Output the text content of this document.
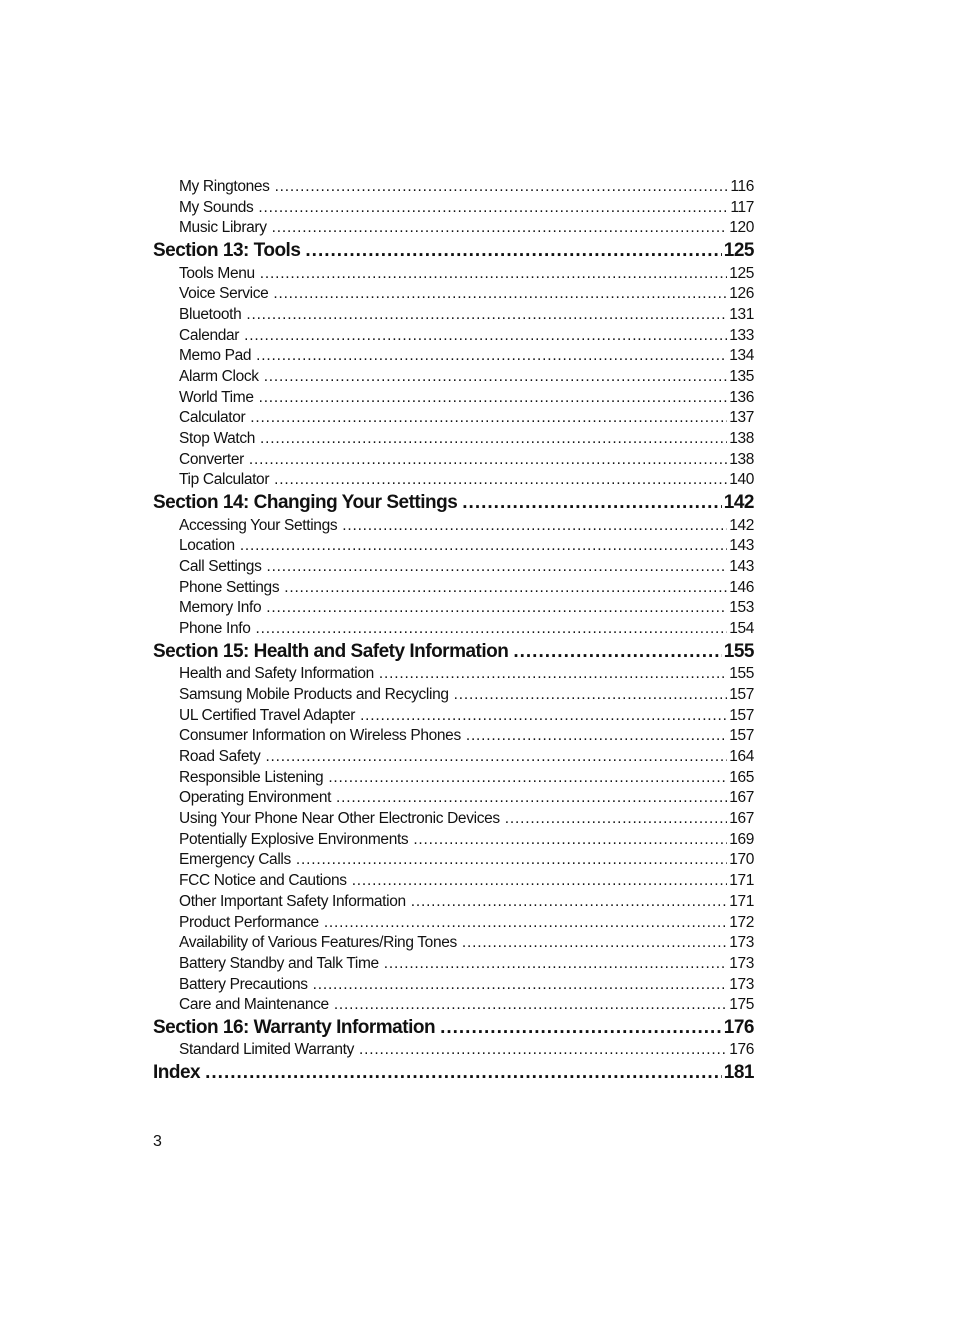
My Ringtones .....	116
My Sounds .....	117
Music Library .....	120
Section 13: Tools .....	125
Tools Menu .....	125
Voice Service .....	126
Bluetooth .....	131
Calendar .....	133
Memo Pad .....	134
Alarm Clock .....	135
World Time .....	136
Calculator .....	137
Stop Watch .....	138
Converter .....	138
Tip Calculator .....	140
Section 14: Changing Your Settings .....	142
Accessing Your Settings .....	142
Location .....	143
Call Settings .....	143
Phone Settings .....	146
Memory Info .....	153
Phone Info .....	154
Section 15: Health and Safety Information .....	155
Health and Safety Information .....	155
Samsung Mobile Products and Recycling .....	157
UL Certified Travel Adapter .....	157
Consumer Information on Wireless Phones .....	157
Road Safety .....	164
Responsible Listening .....	165
Operating Environment .....	167
Using Your Phone Near Other Electronic Devices .....	167
Potentially Explosive Environments .....	169
Emergency Calls .....	170
FCC Notice and Cautions .....	171
Other Important Safety Information .....	171
Product Performance .....	172
Availability of Various Features/Ring Tones .....	173
Battery Standby and Talk Time .....	173
Battery Precautions .....	173
Care and Maintenance .....	175
Section 16: Warranty Information .....	176
Standard Limited Warranty .....	176
Index .....	181
3
